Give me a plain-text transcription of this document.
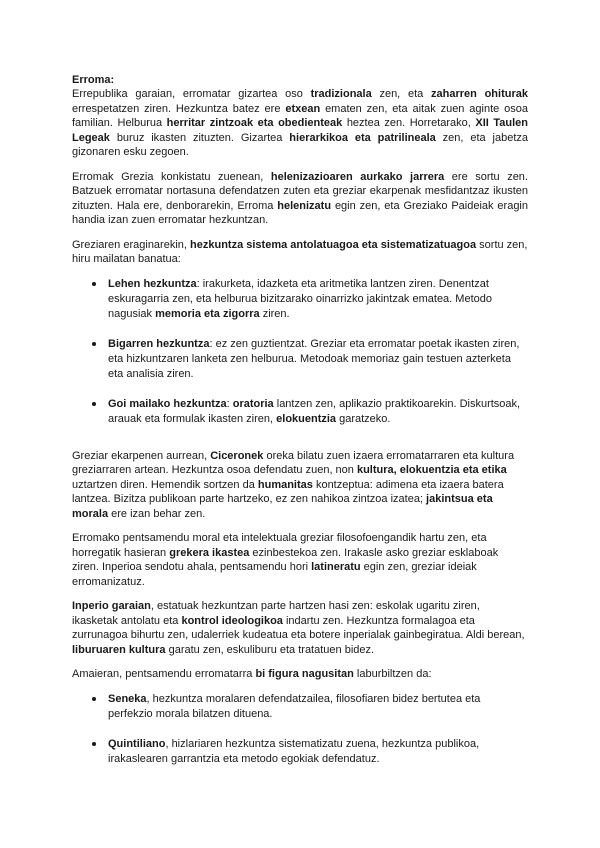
Erroma:

Errepublika garaian, erromatar gizartea oso tradizionala zen, eta zaharren ohiturak errespetatzen ziren. Hezkuntza batez ere etxean ematen zen, eta aitak zuen aginte osoa familian. Helburua herritar zintzoak eta obedienteak heztea zen. Horretarako, XII Taulen Legeak buruz ikasten zituzten. Gizartea hierarkikoa eta patrilineala zen, eta jabetza gizonaren esku zegoen.

Erromak Grezia konkistatu zuenean, helenizazioaren aurkako jarrera ere sortu zen. Batzuek erromatar nortasuna defendatzen zuten eta greziar ekarpenak mesfidantzaz ikusten zituzten. Hala ere, denborarekin, Erroma helenizatu egin zen, eta Greziako Paideiak eragin handia izan zuen erromatar hezkuntzan.

Greziaren eraginarekin, hezkuntza sistema antolatuagoa eta sistematizatuagoa sortu zen, hiru mailatan banatua:

Lehen hezkuntza: irakurketa, idazketa eta aritmetika lantzen ziren. Denentzat eskuragarria zen, eta helburua bizitzarako oinarrizko jakintzak ematea. Metodo nagusiak memoria eta zigorra ziren.
Bigarren hezkuntza: ez zen guztientzat. Greziar eta erromatar poetak ikasten ziren, eta hizkuntzaren lanketa zen helburua. Metodoak memoriaz gain testuen azterketa eta analisia ziren.
Goi mailako hezkuntza: oratoria lantzen zen, aplikazio praktikoarekin. Diskurtsoak, arauak eta formulak ikasten ziren, elokuentzia garatzeko.

Greziar ekarpenen aurrean, Ciceronek oreka bilatu zuen izaera erromatarraren eta kultura greziarraren artean. Hezkuntza osoa defendatu zuen, non kultura, elokuentzia eta etika uztartzen diren. Hemendik sortzen da humanitas kontzeptua: adimena eta izaera batera lantzea. Bizitza publikoan parte hartzeko, ez zen nahikoa zintzoa izatea; jakintsua eta morala ere izan behar zen.

Erromako pentsamendu moral eta intelektuala greziar filosofoengandik hartu zen, eta horregatik hasieran grekera ikastea ezinbestekoa zen. Irakasle asko greziar esklaboak ziren. Inperioa sendotu ahala, pentsamendu hori latineratu egin zen, greziar ideiak erromanizatuz.

Inperio garaian, estatuak hezkuntzan parte hartzen hasi zen: eskolak ugaritu ziren, ikasketak antolatu eta kontrol ideologikoa indartu zen. Hezkuntza formalagoa eta zurrunagoa bihurtu zen, udalerriek kudeatua eta botere inperialak gainbegiratua. Aldi berean, liburuaren kultura garatu zen, eskuliburu eta tratatuen bidez.

Amaieran, pentsamendu erromatarra bi figura nagusitan laburbiltzen da:

Seneka, hezkuntza moralaren defendatzailea, filosofiaren bidez bertutea eta perfekzio morala bilatzen dituena.
Quintiliano, hizlariaren hezkuntza sistematizatu zuena, hezkuntza publikoa, irakaslearen garrantzia eta metodo egokiak defendatuz.
